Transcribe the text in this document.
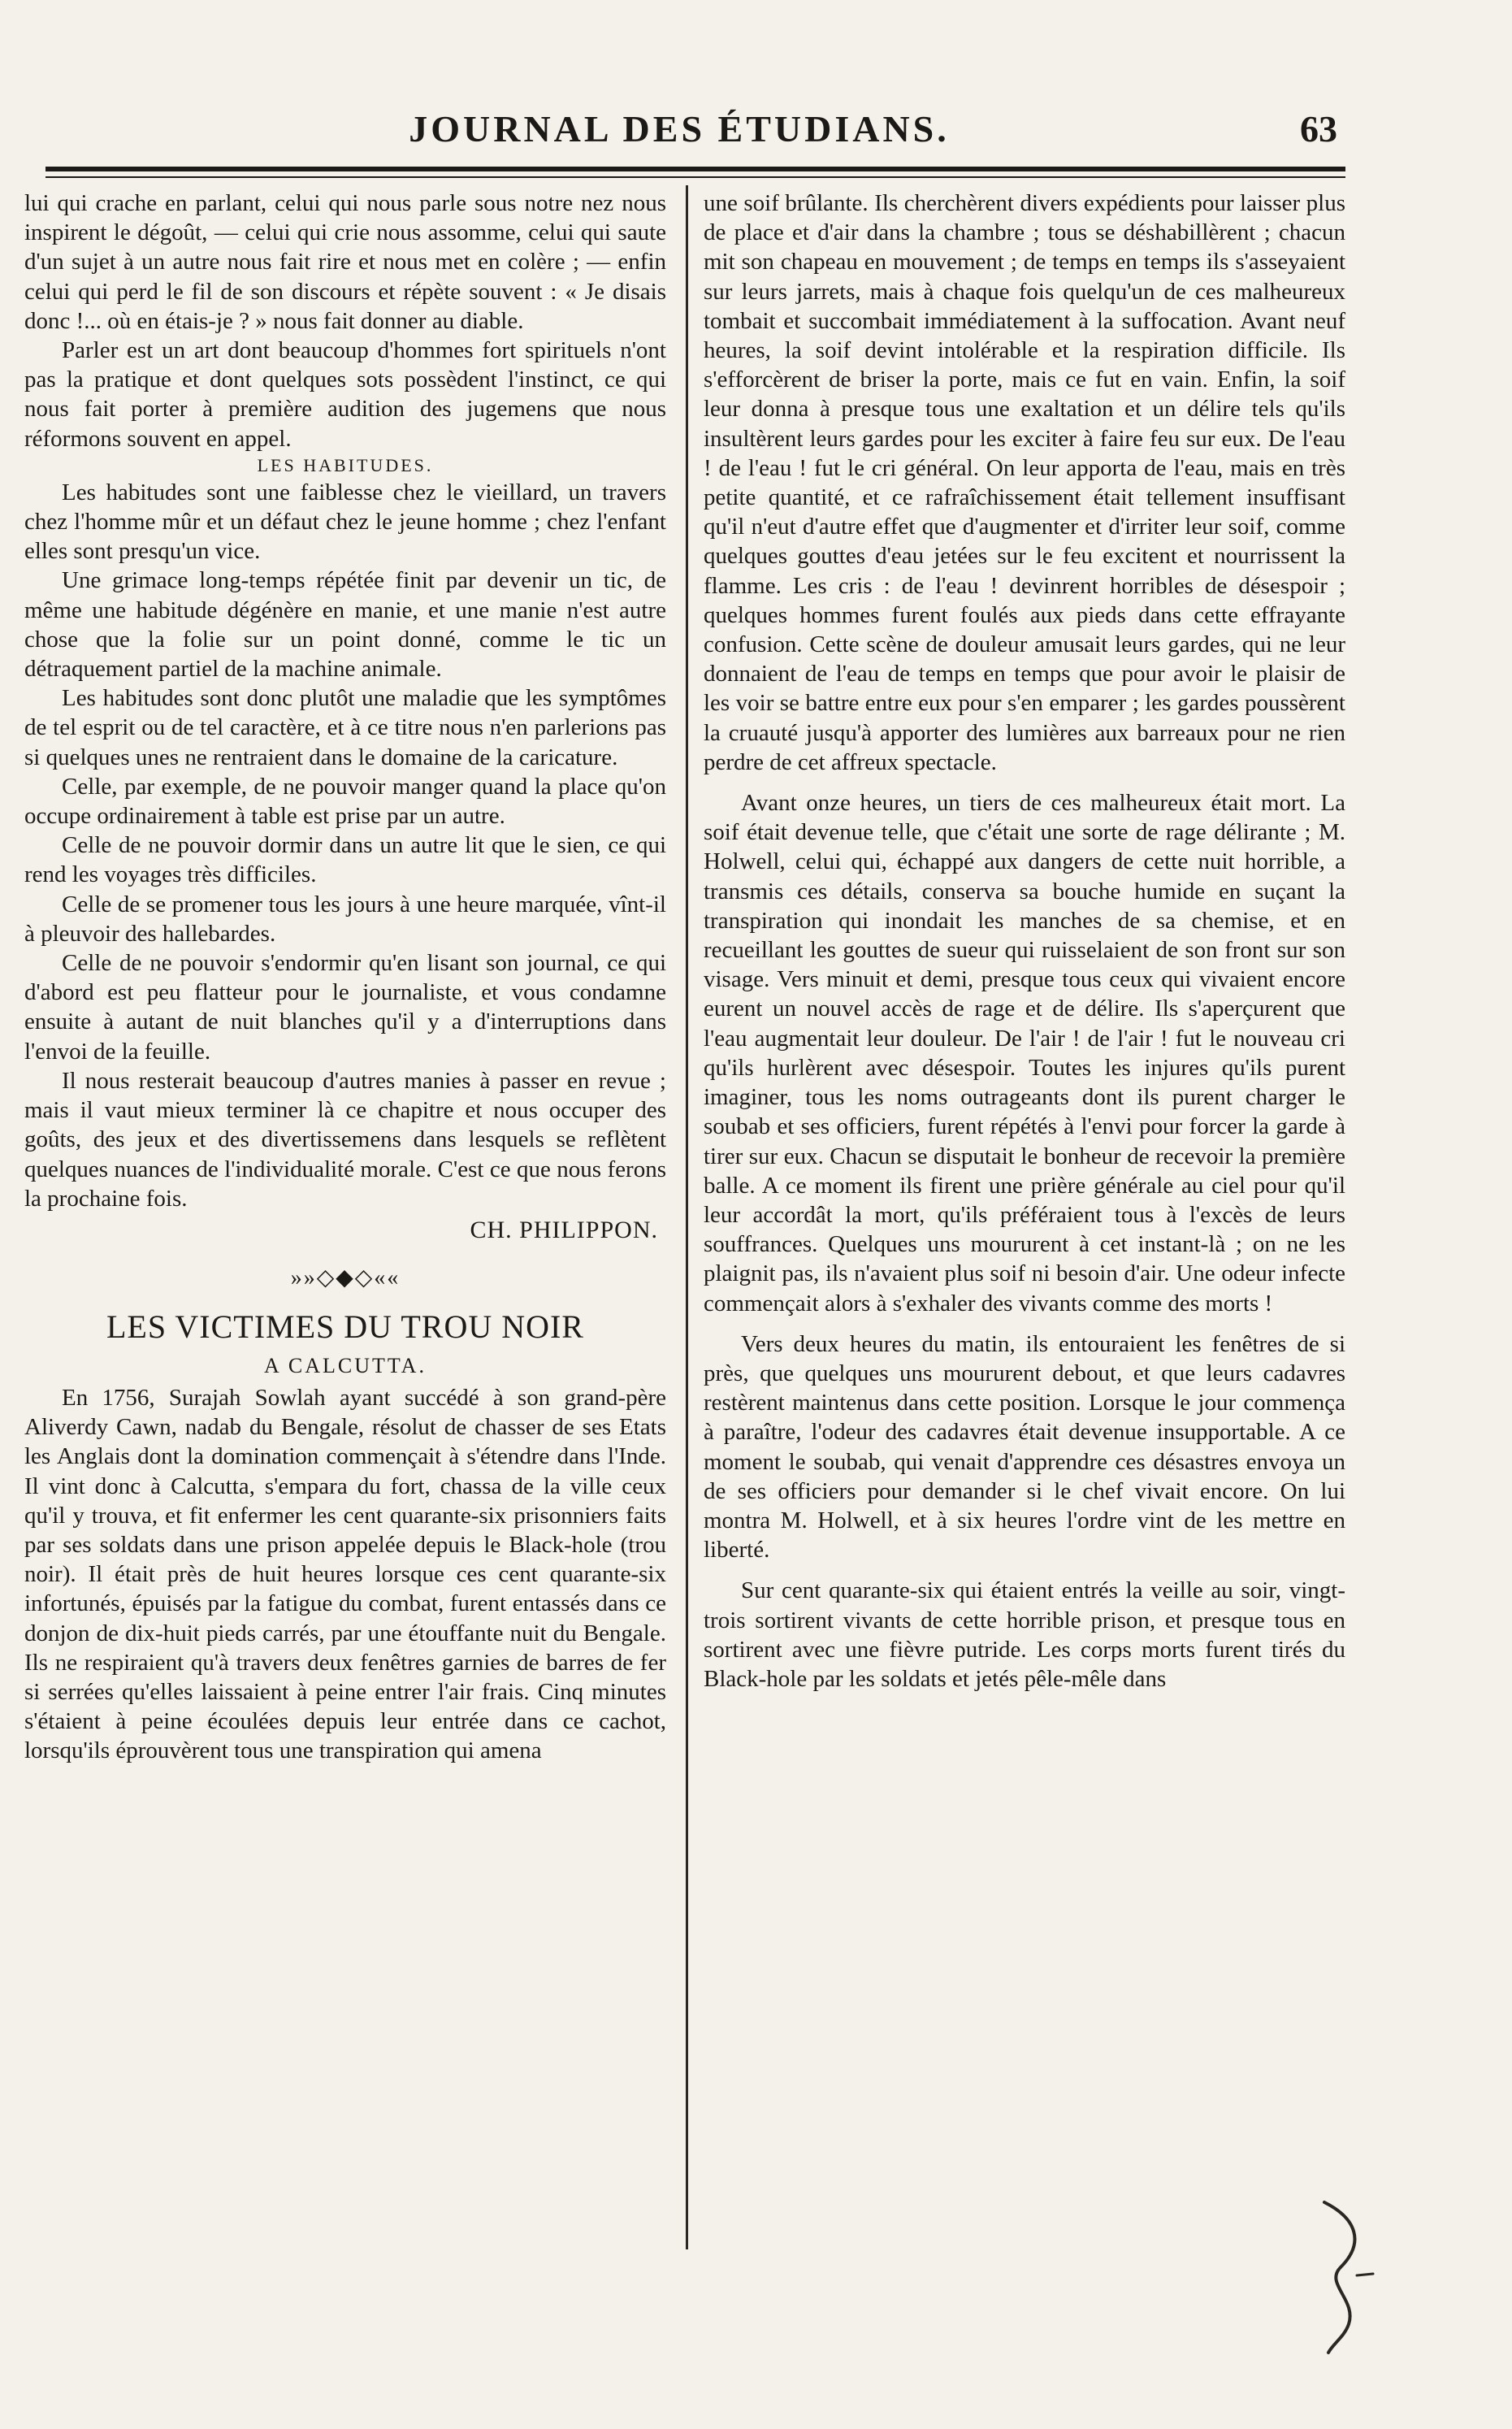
JOURNAL DES ÉTUDIANS.	63

lui qui crache en parlant, celui qui nous parle sous notre nez nous inspirent le dégoût, — celui qui crie nous assomme, celui qui saute d'un sujet à un autre nous fait rire et nous met en colère ; — enfin celui qui perd le fil de son discours et répète souvent : « Je disais donc !... où en étais-je ? » nous fait donner au diable.

Parler est un art dont beaucoup d'hommes fort spirituels n'ont pas la pratique et dont quelques sots possèdent l'instinct, ce qui nous fait porter à première audition des jugemens que nous réformons souvent en appel.

LES HABITUDES.

Les habitudes sont une faiblesse chez le vieillard, un travers chez l'homme mûr et un défaut chez le jeune homme ; chez l'enfant elles sont presqu'un vice.

Une grimace long-temps répétée finit par devenir un tic, de même une habitude dégénère en manie, et une manie n'est autre chose que la folie sur un point donné, comme le tic un détraquement partiel de la machine animale.

Les habitudes sont donc plutôt une maladie que les symptômes de tel esprit ou de tel caractère, et à ce titre nous n'en parlerions pas si quelques unes ne rentraient dans le domaine de la caricature.

Celle, par exemple, de ne pouvoir manger quand la place qu'on occupe ordinairement à table est prise par un autre.

Celle de ne pouvoir dormir dans un autre lit que le sien, ce qui rend les voyages très difficiles.

Celle de se promener tous les jours à une heure marquée, vînt-il à pleuvoir des hallebardes.

Celle de ne pouvoir s'endormir qu'en lisant son journal, ce qui d'abord est peu flatteur pour le journaliste, et vous condamne ensuite à autant de nuit blanches qu'il y a d'interruptions dans l'envoi de la feuille.

Il nous resterait beaucoup d'autres manies à passer en revue ; mais il vaut mieux terminer là ce chapitre et nous occuper des goûts, des jeux et des divertissemens dans lesquels se reflètent quelques nuances de l'individualité morale. C'est ce que nous ferons la prochaine fois.

CH. PHILIPPON.
»»◇◆◇««
LES VICTIMES DU TROU NOIR
A CALCUTTA.

En 1756, Surajah Sowlah ayant succédé à son grand-père Aliverdy Cawn, nadab du Bengale, résolut de chasser de ses Etats les Anglais dont la domination commençait à s'étendre dans l'Inde. Il vint donc à Calcutta, s'empara du fort, chassa de la ville ceux qu'il y trouva, et fit enfermer les cent quarante-six prisonniers faits par ses soldats dans une prison appelée depuis le Black-hole (trou noir). Il était près de huit heures lorsque ces cent quarante-six infortunés, épuisés par la fatigue du combat, furent entassés dans ce donjon de dix-huit pieds carrés, par une étouffante nuit du Bengale. Ils ne respiraient qu'à travers deux fenêtres garnies de barres de fer si serrées qu'elles laissaient à peine entrer l'air frais. Cinq minutes s'étaient à peine écoulées depuis leur entrée dans ce cachot, lorsqu'ils éprouvèrent tous une transpiration qui amena

une soif brûlante. Ils cherchèrent divers expédients pour laisser plus de place et d'air dans la chambre ; tous se déshabillèrent ; chacun mit son chapeau en mouvement ; de temps en temps ils s'asseyaient sur leurs jarrets, mais à chaque fois quelqu'un de ces malheureux tombait et succombait immédiatement à la suffocation. Avant neuf heures, la soif devint intolérable et la respiration difficile. Ils s'efforcèrent de briser la porte, mais ce fut en vain. Enfin, la soif leur donna à presque tous une exaltation et un délire tels qu'ils insultèrent leurs gardes pour les exciter à faire feu sur eux. De l'eau ! de l'eau ! fut le cri général. On leur apporta de l'eau, mais en très petite quantité, et ce rafraîchissement était tellement insuffisant qu'il n'eut d'autre effet que d'augmenter et d'irriter leur soif, comme quelques gouttes d'eau jetées sur le feu excitent et nourrissent la flamme. Les cris : de l'eau ! devinrent horribles de désespoir ; quelques hommes furent foulés aux pieds dans cette effrayante confusion. Cette scène de douleur amusait leurs gardes, qui ne leur donnaient de l'eau de temps en temps que pour avoir le plaisir de les voir se battre entre eux pour s'en emparer ; les gardes poussèrent la cruauté jusqu'à apporter des lumières aux barreaux pour ne rien perdre de cet affreux spectacle.

Avant onze heures, un tiers de ces malheureux était mort. La soif était devenue telle, que c'était une sorte de rage délirante ; M. Holwell, celui qui, échappé aux dangers de cette nuit horrible, a transmis ces détails, conserva sa bouche humide en suçant la transpiration qui inondait les manches de sa chemise, et en recueillant les gouttes de sueur qui ruisselaient de son front sur son visage. Vers minuit et demi, presque tous ceux qui vivaient encore eurent un nouvel accès de rage et de délire. Ils s'aperçurent que l'eau augmentait leur douleur. De l'air ! de l'air ! fut le nouveau cri qu'ils hurlèrent avec désespoir. Toutes les injures qu'ils purent imaginer, tous les noms outrageants dont ils purent charger le soubab et ses officiers, furent répétés à l'envi pour forcer la garde à tirer sur eux. Chacun se disputait le bonheur de recevoir la première balle. A ce moment ils firent une prière générale au ciel pour qu'il leur accordât la mort, qu'ils préféraient tous à l'excès de leurs souffrances. Quelques uns moururent à cet instant-là ; on ne les plaignit pas, ils n'avaient plus soif ni besoin d'air. Une odeur infecte commençait alors à s'exhaler des vivants comme des morts !

Vers deux heures du matin, ils entouraient les fenêtres de si près, que quelques uns moururent debout, et que leurs cadavres restèrent maintenus dans cette position. Lorsque le jour commença à paraître, l'odeur des cadavres était devenue insupportable. A ce moment le soubab, qui venait d'apprendre ces désastres envoya un de ses officiers pour demander si le chef vivait encore. On lui montra M. Holwell, et à six heures l'ordre vint de les mettre en liberté.

Sur cent quarante-six qui étaient entrés la veille au soir, vingt-trois sortirent vivants de cette horrible prison, et presque tous en sortirent avec une fièvre putride. Les corps morts furent tirés du Black-hole par les soldats et jetés pêle-mêle dans
